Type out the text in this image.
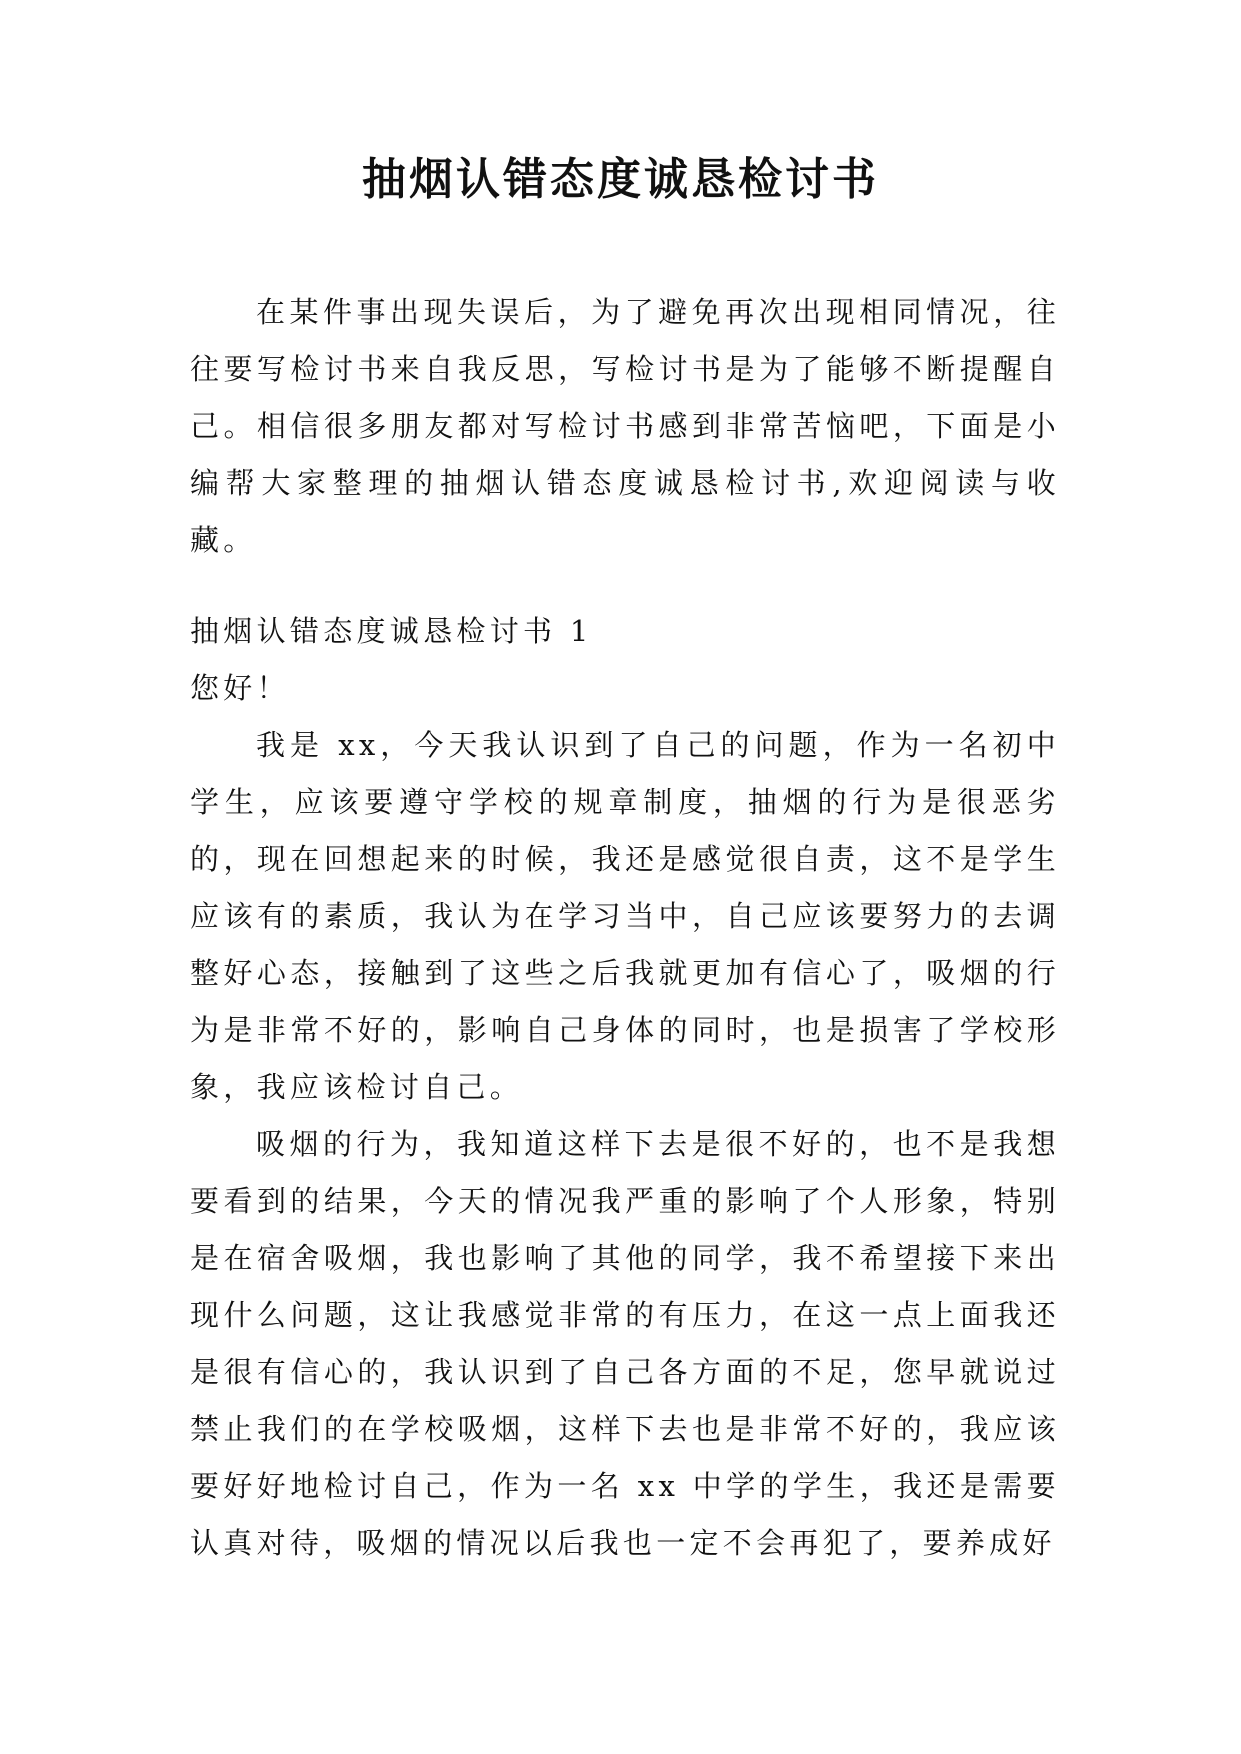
抽烟认错态度诚恳检讨书

在某件事出现失误后，为了避免再次出现相同情况，往往要写检讨书来自我反思，写检讨书是为了能够不断提醒自己。相信很多朋友都对写检讨书感到非常苦恼吧，下面是小编帮大家整理的抽烟认错态度诚恳检讨书,欢迎阅读与收藏。

抽烟认错态度诚恳检讨书 1

您好！

我是 xx，今天我认识到了自己的问题，作为一名初中学生，应该要遵守学校的规章制度，抽烟的行为是很恶劣的，现在回想起来的时候，我还是感觉很自责，这不是学生应该有的素质，我认为在学习当中，自己应该要努力的去调整好心态，接触到了这些之后我就更加有信心了，吸烟的行为是非常不好的，影响自己身体的同时，也是损害了学校形象，我应该检讨自己。

吸烟的行为，我知道这样下去是很不好的，也不是我想要看到的结果，今天的情况我严重的影响了个人形象，特别是在宿舍吸烟，我也影响了其他的同学，我不希望接下来出现什么问题，这让我感觉非常的有压力，在这一点上面我还是很有信心的，我认识到了自己各方面的不足，您早就说过禁止我们的在学校吸烟，这样下去也是非常不好的，我应该要好好地检讨自己，作为一名 xx 中学的学生，我还是需要认真对待，吸烟的情况以后我也一定不会再犯了，要养成好
